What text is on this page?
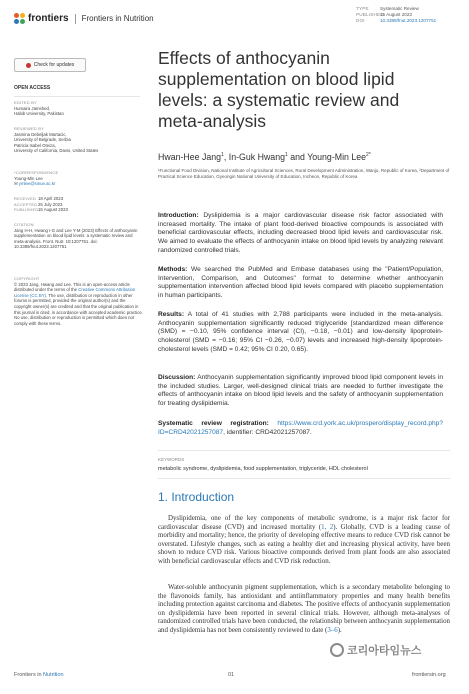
frontiers Frontiers in Nutrition
TYPE Systematic Review
PUBLISHED15 August 2023
DOI	10.3389/fnut.2023.1207751
Check for updates
OPEN ACCESS
EDITED BY
Humaira Jamshed,
Habib University, Pakistan
REVIEWED BY
Jasmina Debeljak Martacic,
University of Belgrade, Serbia
Patricia Isabel Oteiza,
University of California, Davis, United States
*CORRESPONDENCE
Young-Min Lee
✉ ymlee@sinue.ac.kr
RECEIVED 18 April 2023
ACCEPTED25 July 2023
PUBLISHED15 August 2023
CITATION
Jang H-H, Hwang I-G and Lee Y-M (2023) Effects of anthocyanin supplementation on blood lipid levels: a systematic review and meta-analysis. Front. Nutr. 10:1207751. doi: 10.3389/fnut.2023.1207751
COPYRIGHT
© 2023 Jang, Hwang and Lee. This is an open-access article distributed under the terms of the Creative Commons Attribution License (CC BY). The use, distribution or reproduction in other forums is permitted, provided the original author(s) and the copyright owner(s) are credited and that the original publication in this journal is cited, in accordance with accepted academic practice. No use, distribution or reproduction is permitted which does not comply with these terms.
Effects of anthocyanin supplementation on blood lipid levels: a systematic review and meta-analysis
Hwan-Hee Jang$^1$, In-Guk Hwang$^1$ and Young-Min Lee$^{2*}$
¹Functional Food Division, National Institute of Agricultural Sciences, Rural Development Administration, Wanju, Republic of Korea, ²Department of Practical Science Education, Gyeongin National University of Education, Incheon, Republic of Korea
Introduction: Dyslipidemia is a major cardiovascular disease risk factor associated with increased mortality. The intake of plant food-derived bioactive compounds is associated with beneficial cardiovascular effects, including decreased blood lipid levels and cardiovascular risk. We aimed to evaluate the effects of anthocyanin intake on blood lipid levels by analyzing relevant randomized controlled trials.
Methods: We searched the PubMed and Embase databases using the "Patient/Population, Intervention, Comparison, and Outcomes" format to determine whether anthocyanin supplementation intervention affected blood lipid levels compared with placebo supplementation in human participants.
Results: A total of 41 studies with 2,788 participants were included in the meta-analysis. Anthocyanin supplementation significantly reduced triglyceride [standardized mean difference (SMD) = −0.10, 95% confidence interval (CI), −0.18, −0.01) and low-density lipoprotein-cholesterol (SMD = −0.16; 95% CI −0.26, −0.07) levels and increased high-density lipoprotein-cholesterol levels (SMD = 0.42; 95% CI 0.20, 0.65).
Discussion: Anthocyanin supplementation significantly improved blood lipid component levels in the included studies. Larger, well-designed clinical trials are needed to further investigate the effects of anthocyanin intake on blood lipid levels and the safety of anthocyanin supplementation for treating dyslipidemia.
Systematic review registration: https://www.crd.york.ac.uk/prospero/display_record.php?ID=CRD42021257087, identifier: CRD42021257087.
KEYWORDS
metabolic syndrome, dyslipidemia, food supplementation, triglyceride, HDL cholesterol
1. Introduction
Dyslipidemia, one of the key components of metabolic syndrome, is a major risk factor for cardiovascular disease (CVD) and increased mortality (1, 2). Globally, CVD is a leading cause of morbidity and mortality; hence, the priority of developing effective means to reduce CVD risk cannot be overstated. Lifestyle changes, such as eating a healthy diet and increasing physical activity, have been shown to reduce CVD risk. Various bioactive compounds derived from plant foods are also associated with beneficial cardiovascular effects and CVD risk reduction.
Water-soluble anthocyanin pigment supplementation, which is a secondary metabolite belonging to the flavonoids family, has antioxidant and antiinflammatory properties and many health benefits including protection against carcinoma and diabetes. The positive effects of anthocyanin supplementation on dyslipidemia have been reported in several clinical trials. However, although meta-analyses of randomized controlled trials have been conducted, the relationship between anthocyanin supplementation and dyslipidemia has not been consistently reviewed to date (3–6).
Frontiers in Nutrition	01	frontiersin.org
코리아타임뉴스
